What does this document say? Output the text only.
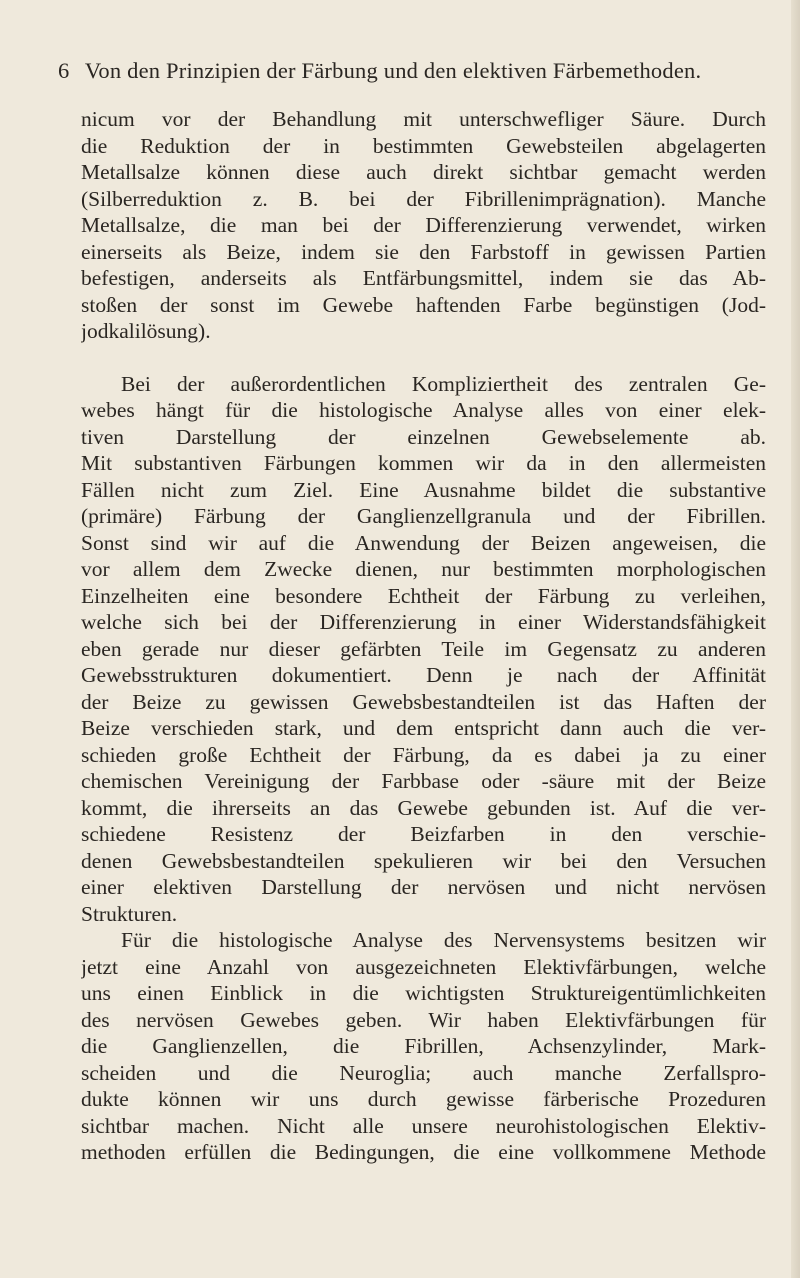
6 Von den Prinzipien der Färbung und den elektiven Färbemethoden.
nicum vor der Behandlung mit unterschwefliger Säure. Durch
die Reduktion der in bestimmten Gewebsteilen abgelagerten
Metallsalze können diese auch direkt sichtbar gemacht werden
(Silberreduktion z. B. bei der Fibrillenimprägnation). Manche
Metallsalze, die man bei der Differenzierung verwendet, wirken
einerseits als Beize, indem sie den Farbstoff in gewissen Partien
befestigen, anderseits als Entfärbungsmittel, indem sie das Ab-
stoßen der sonst im Gewebe haftenden Farbe begünstigen (Jod-
jodkalilösung).
Bei der außerordentlichen Kompliziertheit des zentralen Ge-
webes hängt für die histologische Analyse alles von einer elek-
tiven Darstellung der einzelnen Gewebselemente ab.
Mit substantiven Färbungen kommen wir da in den allermeisten
Fällen nicht zum Ziel. Eine Ausnahme bildet die substantive
(primäre) Färbung der Ganglienzellgranula und der Fibrillen.
Sonst sind wir auf die Anwendung der Beizen angeweisen, die
vor allem dem Zwecke dienen, nur bestimmten morphologischen
Einzelheiten eine besondere Echtheit der Färbung zu verleihen,
welche sich bei der Differenzierung in einer Widerstandsfähigkeit
eben gerade nur dieser gefärbten Teile im Gegensatz zu anderen
Gewebsstrukturen dokumentiert. Denn je nach der Affinität
der Beize zu gewissen Gewebsbestandteilen ist das Haften der
Beize verschieden stark, und dem entspricht dann auch die ver-
schieden große Echtheit der Färbung, da es dabei ja zu einer
chemischen Vereinigung der Farbbase oder -säure mit der Beize
kommt, die ihrerseits an das Gewebe gebunden ist. Auf die ver-
schiedene Resistenz der Beizfarben in den verschie-
denen Gewebsbestandteilen spekulieren wir bei den Versuchen
einer elektiven Darstellung der nervösen und nicht nervösen
Strukturen.
Für die histologische Analyse des Nervensystems besitzen wir
jetzt eine Anzahl von ausgezeichneten Elektivfärbungen, welche
uns einen Einblick in die wichtigsten Struktureigentümlichkeiten
des nervösen Gewebes geben. Wir haben Elektivfärbungen für
die Ganglienzellen, die Fibrillen, Achsenzylinder, Mark-
scheiden und die Neuroglia; auch manche Zerfallspro-
dukte können wir uns durch gewisse färberische Prozeduren
sichtbar machen. Nicht alle unsere neurohistologischen Elektiv-
methoden erfüllen die Bedingungen, die eine vollkommene Methode
